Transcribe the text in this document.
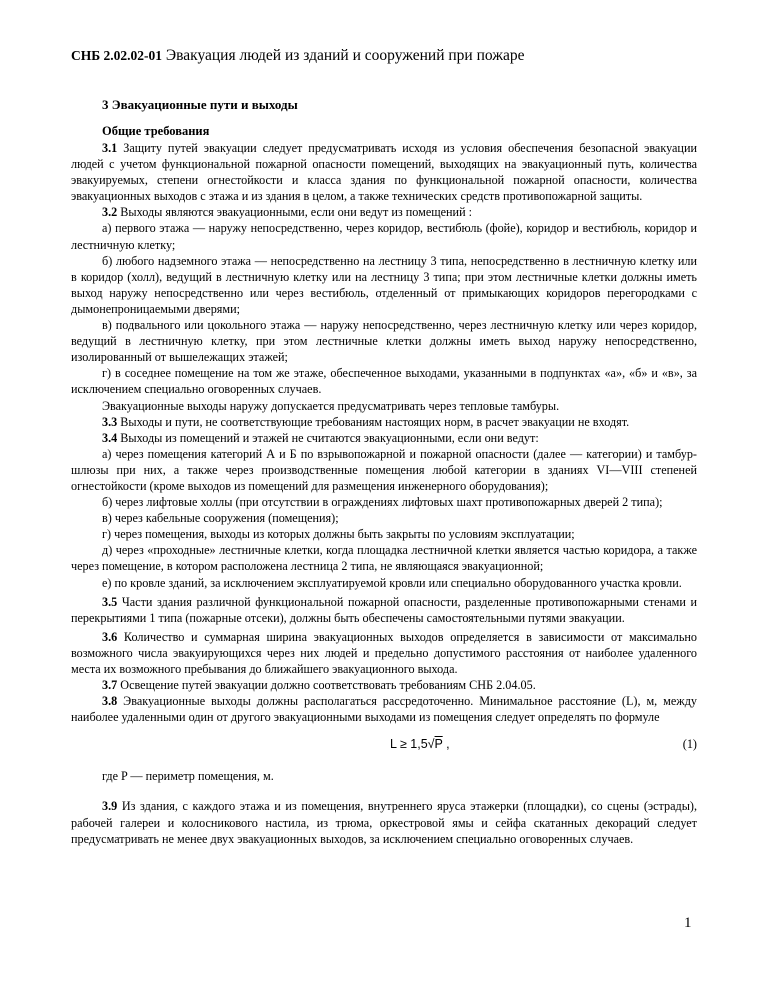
СНБ 2.02.02-01 Эвакуация людей из зданий и сооружений при пожаре
3 Эвакуационные пути и выходы
Общие требования

3.1 Защиту путей эвакуации следует предусматривать исходя из условия обеспечения безопасной эвакуации людей с учетом функциональной пожарной опасности помещений, выходящих на эвакуационный путь, количества эвакуируемых, степени огнестойкости и класса здания по функциональной пожарной опасности, количества эвакуационных выходов с этажа и из здания в целом, а также технических средств противопожарной защиты.

3.2 Выходы являются эвакуационными, если они ведут из помещений :

а) первого этажа — наружу непосредственно, через коридор, вестибюль (фойе), коридор и вестибюль, коридор и лестничную клетку;

б) любого надземного этажа — непосредственно на лестницу 3 типа, непосредственно в лестничную клетку или в коридор (холл), ведущий в лестничную клетку или на лестницу 3 типа; при этом лестничные клетки должны иметь выход наружу непосредственно или через вестибюль, отделенный от примыкающих коридоров перегородками с дымонепроницаемыми дверями;

в) подвального или цокольного этажа — наружу непосредственно, через лестничную клетку или через коридор, ведущий в лестничную клетку, при этом лестничные клетки должны иметь выход наружу непосредственно, изолированный от вышележащих этажей;

г) в соседнее помещение на том же этаже, обеспеченное выходами, указанными в подпунктах «а», «б» и «в», за исключением специально оговоренных случаев.

Эвакуационные выходы наружу допускается предусматривать через тепловые тамбуры.

3.3 Выходы и пути, не соответствующие требованиям настоящих норм, в расчет эвакуации не входят.

3.4 Выходы из помещений и этажей не считаются эвакуационными, если они ведут:

а) через помещения категорий А и Б по взрывопожарной и пожарной опасности (далее — категории) и тамбур-шлюзы при них, а также через производственные помещения любой категории в зданиях VI—VIII степеней огнестойкости (кроме выходов из помещений для размещения инженерного оборудования);

б) через лифтовые холлы (при отсутствии в ограждениях лифтовых шахт противопожарных дверей 2 типа);

в) через кабельные сооружения (помещения);

г) через помещения, выходы из которых должны быть закрыты по условиям эксплуатации;

д) через «проходные» лестничные клетки, когда площадка лестничной клетки является частью коридора, а также через помещение, в котором расположена лестница 2 типа, не являющаяся эвакуационной;

е) по кровле зданий, за исключением эксплуатируемой кровли или специально оборудованного участка кровли.

3.5 Части здания различной функциональной пожарной опасности, разделенные противопожарными стенами и перекрытиями 1 типа (пожарные отсеки), должны быть обеспечены самостоятельными путями эвакуации.

3.6 Количество и суммарная ширина эвакуационных выходов определяется в зависимости от максимально возможного числа эвакуирующихся через них людей и предельно допустимого расстояния от наиболее удаленного места их возможного пребывания до ближайшего эвакуационного выхода.

3.7 Освещение путей эвакуации должно соответствовать требованиям СНБ 2.04.05.

3.8 Эвакуационные выходы должны располагаться рассредоточенно. Минимальное расстояние (L), м, между наиболее удаленными один от другого эвакуационными выходами из помещения следует определять по формуле

L ≥ 1,5√P ,	(1)

где P — периметр помещения, м.

3.9 Из здания, с каждого этажа и из помещения, внутреннего яруса этажерки (площадки), со сцены (эстрады), рабочей галереи и колосникового настила, из трюма, оркестровой ямы и сейфа скатанных декораций следует предусматривать не менее двух эвакуационных выходов, за исключением специально оговоренных случаев.

1
